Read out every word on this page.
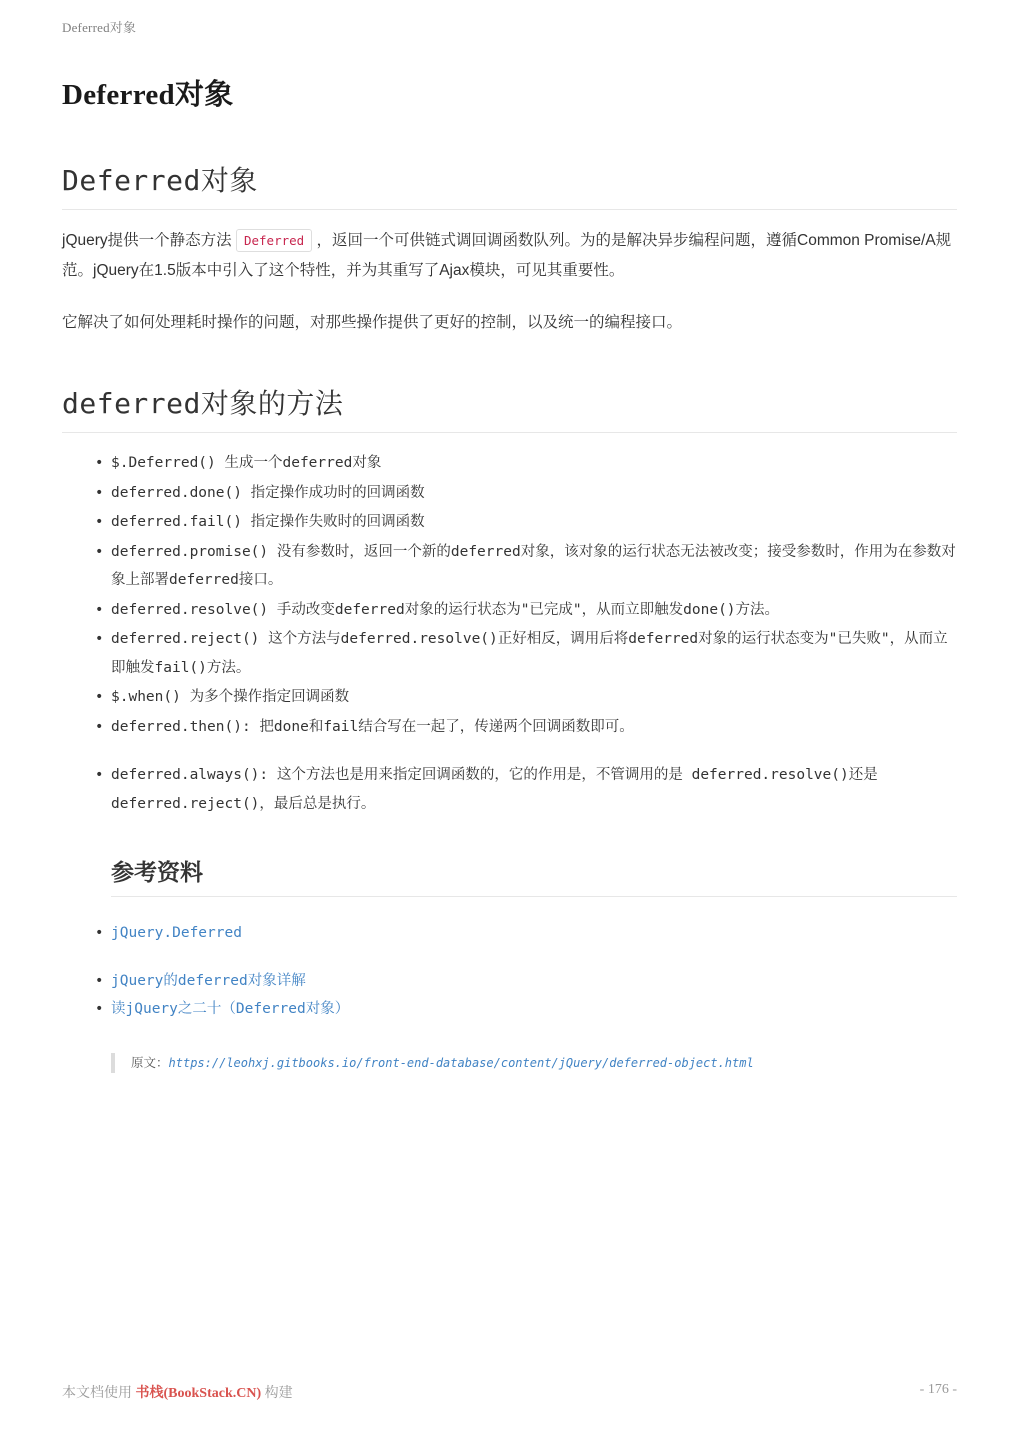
Deferred对象
Deferred对象
Deferred对象

jQuery提供一个静态方法 Deferred ，返回一个可供链式调回调函数队列。为的是解决异步编程问题，遵循Common Promise/A规范。jQuery在1.5版本中引入了这个特性，并为其重写了Ajax模块，可见其重要性。

它解决了如何处理耗时操作的问题，对那些操作提供了更好的控制，以及统一的编程接口。

deferred对象的方法
• $.Deferred() 生成一个deferred对象
• deferred.done() 指定操作成功时的回调函数
• deferred.fail() 指定操作失败时的回调函数
• deferred.promise() 没有参数时，返回一个新的deferred对象，该对象的运行状态无法被改变；接受参数时，作用为在参数对象上部署deferred接口。
• deferred.resolve() 手动改变deferred对象的运行状态为"已完成"，从而立即触发done()方法。
• deferred.reject() 这个方法与deferred.resolve()正好相反，调用后将deferred对象的运行状态变为"已失败"，从而立即触发fail()方法。
• $.when() 为多个操作指定回调函数
• deferred.then(): 把done和fail结合写在一起了，传递两个回调函数即可。
• deferred.always(): 这个方法也是用来指定回调函数的，它的作用是，不管调用的是 deferred.resolve()还是deferred.reject()，最后总是执行。
参考资料
• jQuery.Deferred
• jQuery的deferred对象详解
• 读jQuery之二十（Deferred对象）
原文：https://leohxj.gitbooks.io/front-end-database/content/jQuery/deferred-object.html
本文档使用 书栈(BookStack.CN) 构建	- 176 -
